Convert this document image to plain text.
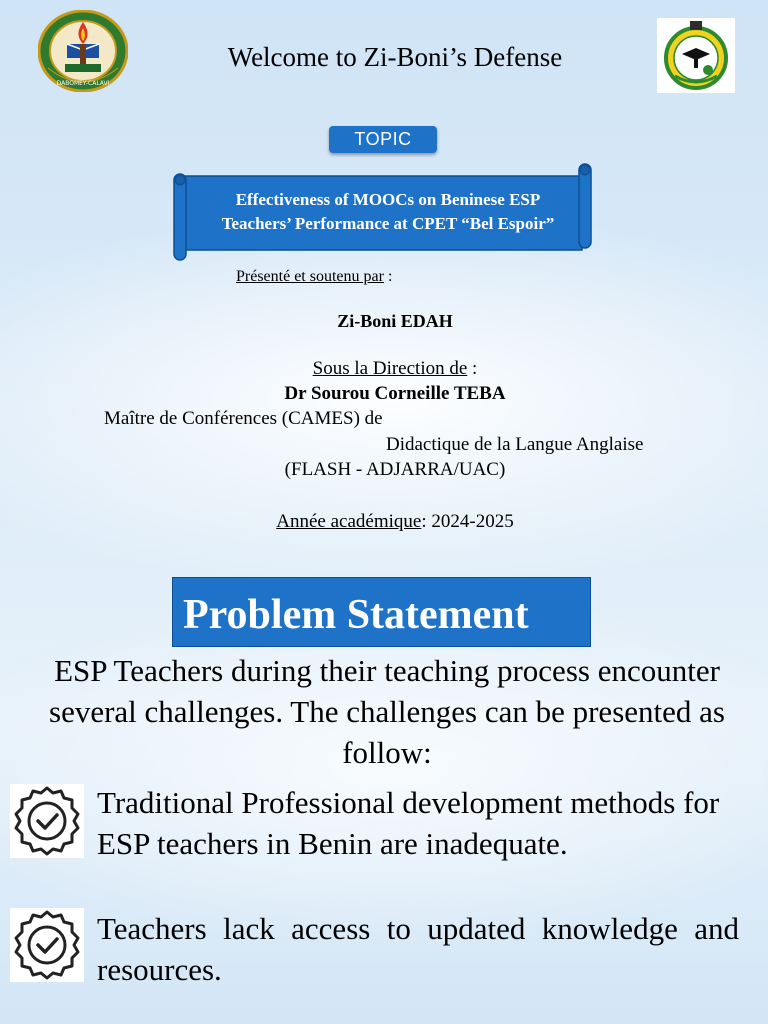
DABOMEY-CALAVI
Welcome to Zi-Boni’s Defense
TOPIC
Effectiveness of MOOCs on Beninese ESP
Teachers’ Performance at CPET “Bel Espoir”
Présenté et soutenu par :
Zi-Boni EDAH
Sous la Direction de :
Dr Sourou Corneille TEBA
Maître de Conférences (CAMES) de
Didactique de la Langue Anglaise
(FLASH - ADJARRA/UAC)
Année académique: 2024-2025
Problem Statement
ESP Teachers during their teaching process encounter several challenges. The challenges can be presented as follow:
Traditional Professional development methods for ESP teachers in Benin are inadequate.
Teachers lack access to updated knowledge and resources.
